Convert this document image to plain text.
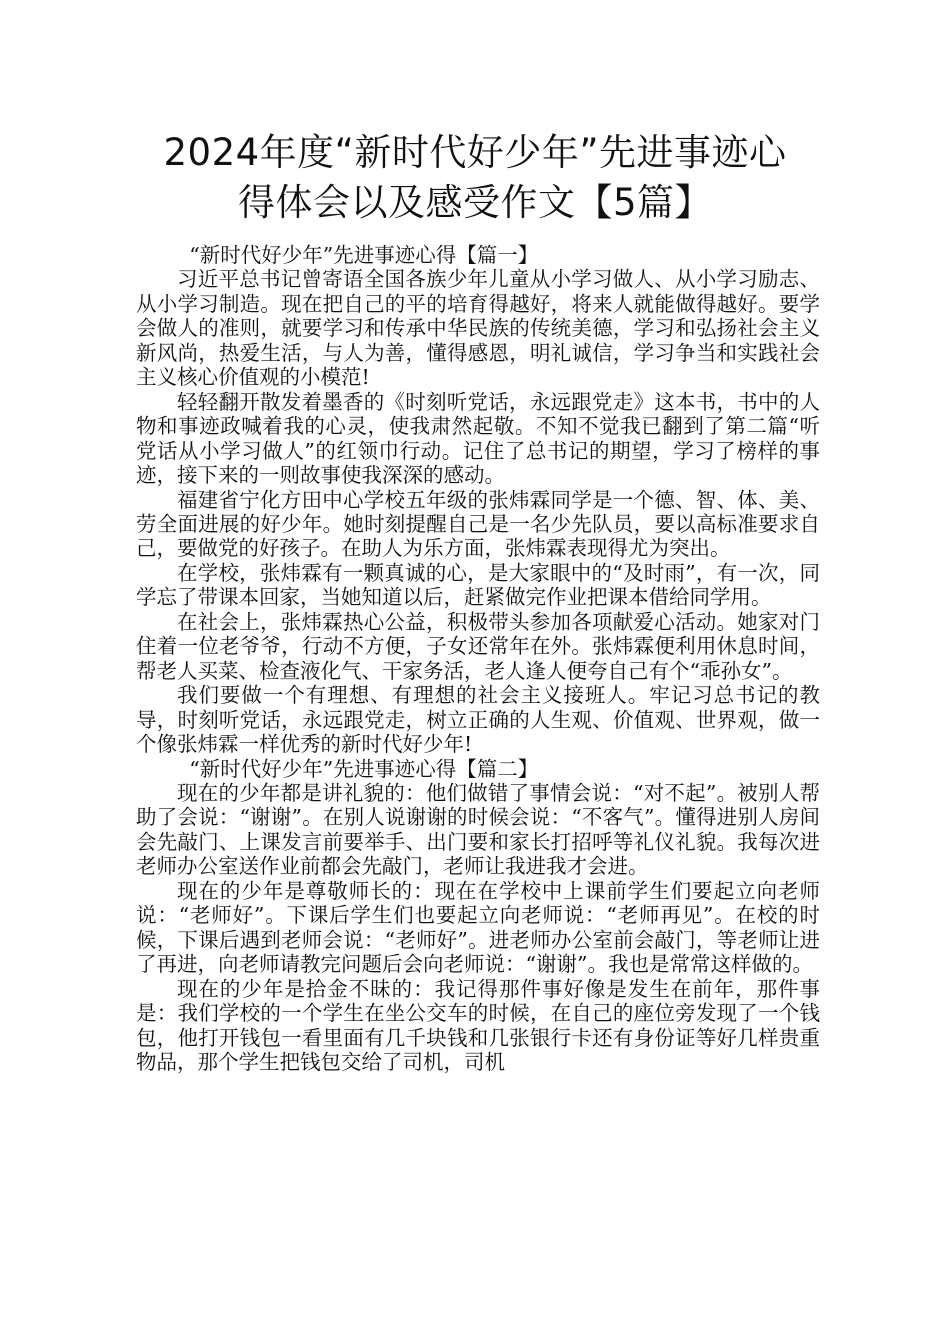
2024年度“新时代好少年”先进事迹心
得体会以及感受作文【5篇】

“新时代好少年”先进事迹心得【篇一】

习近平总书记曾寄语全国各族少年儿童从小学习做人、从小学习励志、从小学习制造。现在把自己的平的培育得越好，将来人就能做得越好。要学会做人的准则，就要学习和传承中华民族的传统美德，学习和弘扬社会主义新风尚，热爱生活，与人为善，懂得感恩，明礼诚信，学习争当和实践社会主义核心价值观的小模范!

轻轻翻开散发着墨香的《时刻听党话，永远跟党走》这本书，书中的人物和事迹政喊着我的心灵，使我肃然起敬。不知不觉我已翻到了第二篇“听党话从小学习做人”的红领巾行动。记住了总书记的期望，学习了榜样的事迹，接下来的一则故事使我深深的感动。

福建省宁化方田中心学校五年级的张炜霖同学是一个德、智、体、美、劳全面进展的好少年。她时刻提醒自己是一名少先队员，要以高标准要求自己，要做党的好孩子。在助人为乐方面，张炜霖表现得尤为突出。

在学校，张炜霖有一颗真诚的心，是大家眼中的“及时雨”，有一次，同学忘了带课本回家，当她知道以后，赶紧做完作业把课本借给同学用。

在社会上，张炜霖热心公益，积极带头参加各项献爱心活动。她家对门住着一位老爷爷，行动不方便，子女还常年在外。张炜霖便利用休息时间，帮老人买菜、检查液化气、干家务活，老人逢人便夸自己有个“乖孙女”。

我们要做一个有理想、有理想的社会主义接班人。牢记习总书记的教导，时刻听党话，永远跟党走，树立正确的人生观、价值观、世界观，做一个像张炜霖一样优秀的新时代好少年!

“新时代好少年”先进事迹心得【篇二】

现在的少年都是讲礼貌的：他们做错了事情会说：“对不起”。被别人帮助了会说：“谢谢”。在别人说谢谢的时候会说：“不客气”。懂得进别人房间会先敲门、上课发言前要举手、出门要和家长打招呼等礼仪礼貌。我每次进老师办公室送作业前都会先敲门，老师让我进我才会进。

现在的少年是尊敬师长的：现在在学校中上课前学生们要起立向老师说：“老师好”。下课后学生们也要起立向老师说：“老师再见”。在校的时候，下课后遇到老师会说：“老师好”。进老师办公室前会敲门，等老师让进了再进，向老师请教完问题后会向老师说：“谢谢”。我也是常常这样做的。

现在的少年是拾金不昧的：我记得那件事好像是发生在前年，那件事是：我们学校的一个学生在坐公交车的时候，在自己的座位旁发现了一个钱包，他打开钱包一看里面有几千块钱和几张银行卡还有身份证等好几样贵重物品，那个学生把钱包交给了司机，司机
